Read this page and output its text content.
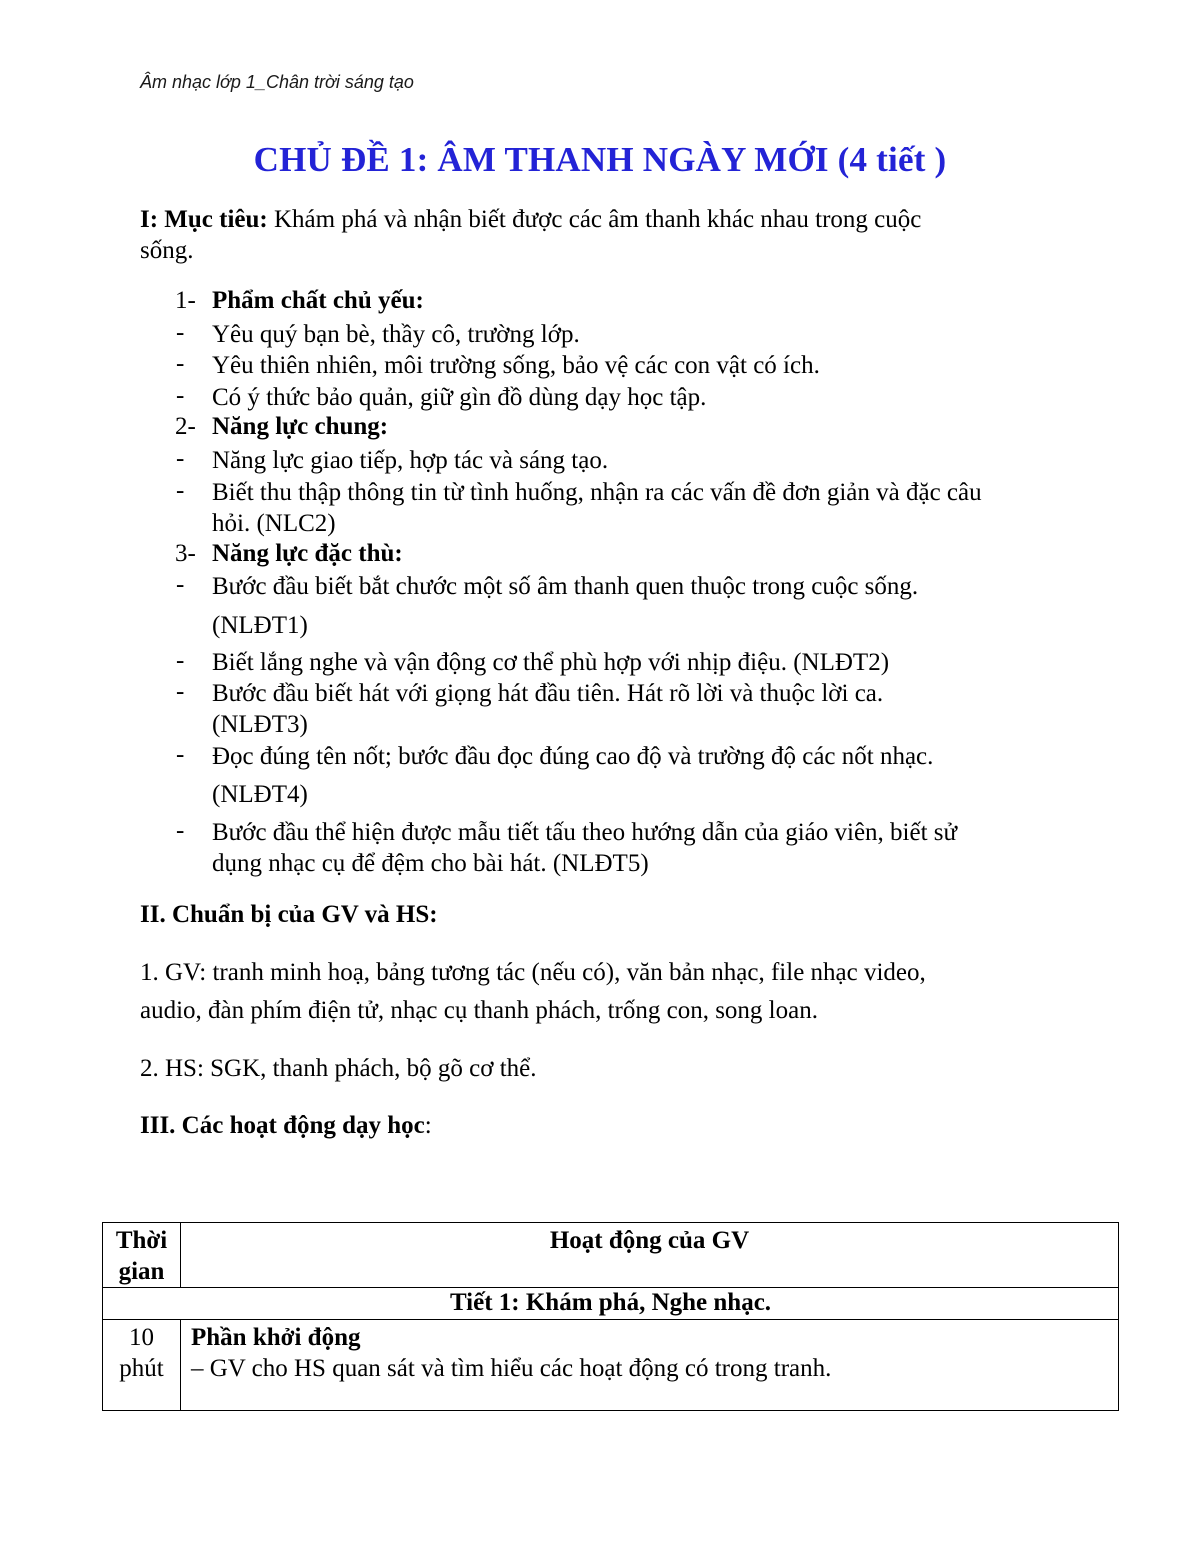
Âm nhạc lớp 1_Chân trời sáng tạo
CHỦ ĐỀ 1: ÂM THANH NGÀY MỚI (4 tiết )
I: Mục tiêu: Khám phá và nhận biết được các âm thanh khác nhau trong cuộc
sống.
1- Phẩm chất chủ yếu:
- Yêu quý bạn bè, thầy cô, trường lớp.
- Yêu thiên nhiên, môi trường sống, bảo vệ các con vật có ích.
- Có ý thức bảo quản, giữ gìn đồ dùng dạy học tập.
2- Năng lực chung:
- Năng lực giao tiếp, hợp tác và sáng tạo.
- Biết thu thập thông tin từ tình huống, nhận ra các vấn đề đơn giản và đặc câu
hỏi. (NLC2)
3- Năng lực đặc thù:
- Bước đầu biết bắt chước một số âm thanh quen thuộc trong cuộc sống.
(NLĐT1)
- Biết lắng nghe và vận động cơ thể phù hợp với nhịp điệu. (NLĐT2)
- Bước đầu biết hát với giọng hát đầu tiên. Hát rõ lời và thuộc lời ca.
(NLĐT3)
- Đọc đúng tên nốt; bước đầu đọc đúng cao độ và trường độ các nốt nhạc.
(NLĐT4)
- Bước đầu thể hiện được mẫu tiết tấu theo hướng dẫn của giáo viên, biết sử
dụng nhạc cụ để đệm cho bài hát. (NLĐT5)
II. Chuẩn bị của GV và HS:
1. GV: tranh minh hoạ, bảng tương tác (nếu có), văn bản nhạc, file nhạc video,
audio, đàn phím điện tử, nhạc cụ thanh phách, trống con, song loan.
2. HS: SGK, thanh phách, bộ gõ cơ thể.
III. Các hoạt động dạy học:
Thời
gian	Hoạt động của GV
Tiết 1: Khám phá, Nghe nhạc.	
10
phút	Phần khởi động
‒ GV cho HS quan sát và tìm hiểu các hoạt động có trong tranh.
